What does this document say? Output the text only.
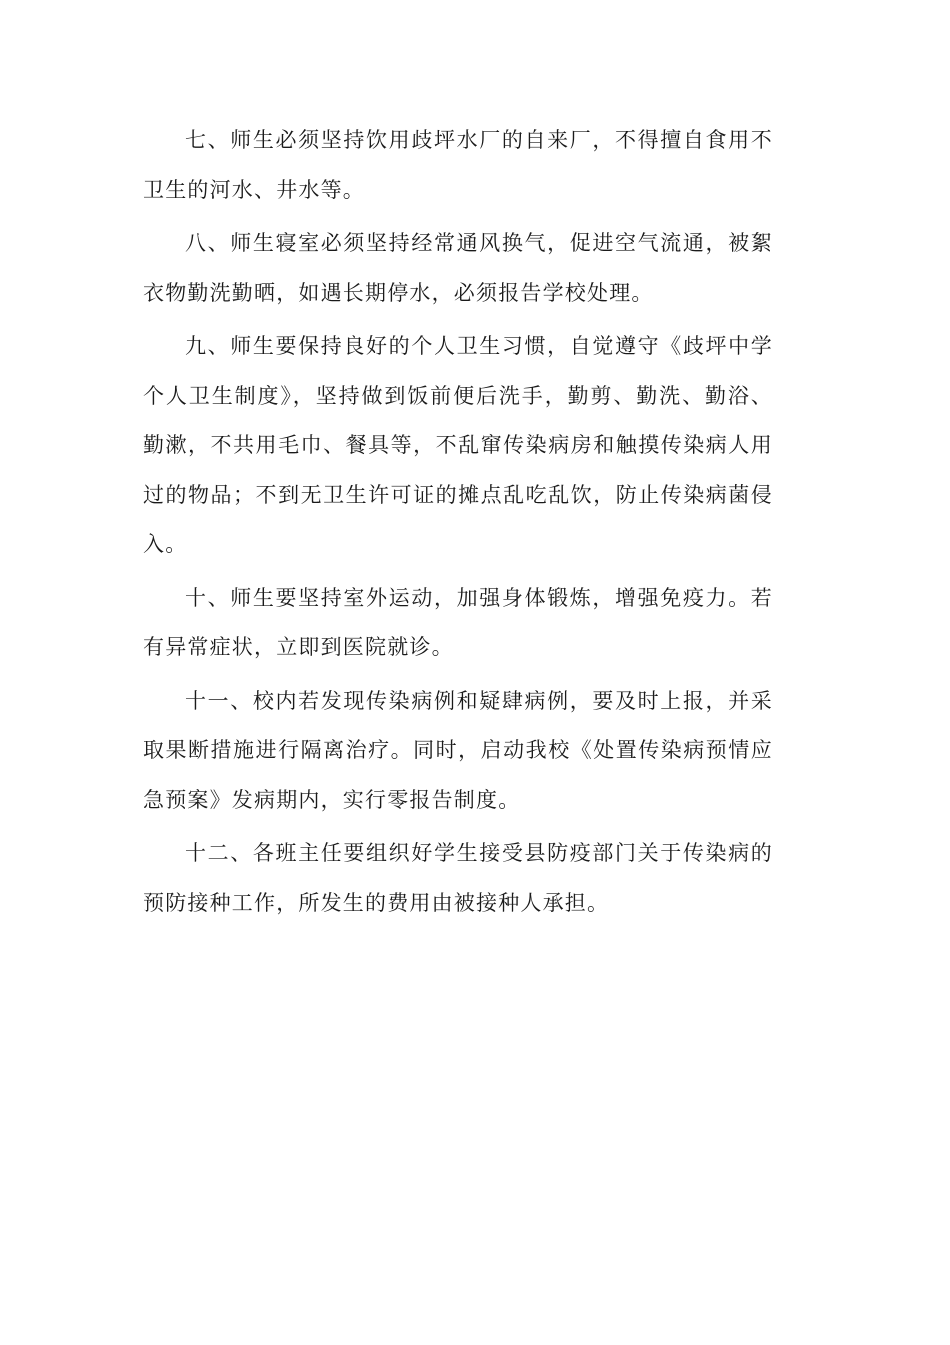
七、师生必须坚持饮用歧坪水厂的自来厂，不得擅自食用不卫生的河水、井水等。

八、师生寝室必须坚持经常通风换气，促进空气流通，被絮衣物勤洗勤晒，如遇长期停水，必须报告学校处理。

九、师生要保持良好的个人卫生习惯，自觉遵守《歧坪中学个人卫生制度》，坚持做到饭前便后洗手，勤剪、勤洗、勤浴、勤漱，不共用毛巾、餐具等，不乱窜传染病房和触摸传染病人用过的物品；不到无卫生许可证的摊点乱吃乱饮，防止传染病菌侵入。

十、师生要坚持室外运动，加强身体锻炼，增强免疫力。若有异常症状，立即到医院就诊。

十一、校内若发现传染病例和疑肆病例，要及时上报，并采取果断措施进行隔离治疗。同时，启动我校《处置传染病预情应急预案》发病期内，实行零报告制度。

十二、各班主任要组织好学生接受县防疫部门关于传染病的预防接种工作，所发生的费用由被接种人承担。
